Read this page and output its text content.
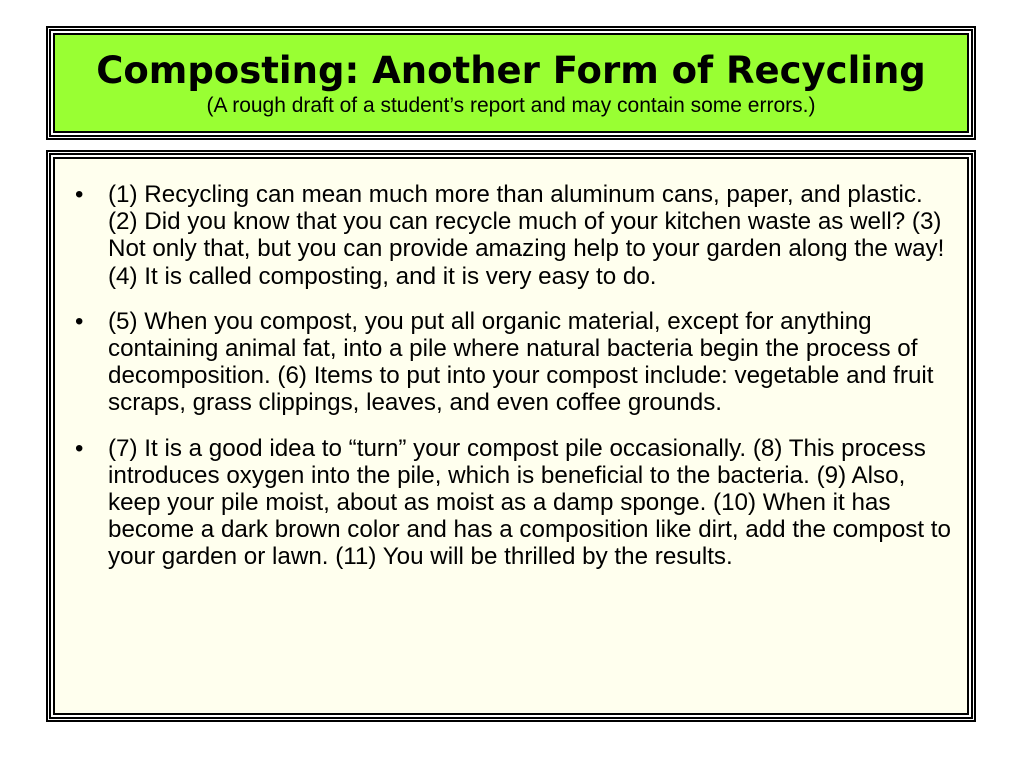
Composting: Another Form of Recycling
(A rough draft of a student’s report and may contain some errors.)
• (1) Recycling can mean much more than aluminum cans, paper, and plastic. (2) Did you know that you can recycle much of your kitchen waste as well? (3) Not only that, but you can provide amazing help to your garden along the way! (4) It is called composting, and it is very easy to do.
• (5) When you compost, you put all organic material, except for anything containing animal fat, into a pile where natural bacteria begin the process of decomposition. (6) Items to put into your compost include: vegetable and fruit scraps, grass clippings, leaves, and even coffee grounds.
• (7) It is a good idea to “turn” your compost pile occasionally. (8) This process introduces oxygen into the pile, which is beneficial to the bacteria. (9) Also, keep your pile moist, about as moist as a damp sponge. (10) When it has become a dark brown color and has a composition like dirt, add the compost to your garden or lawn. (11) You will be thrilled by the results.
